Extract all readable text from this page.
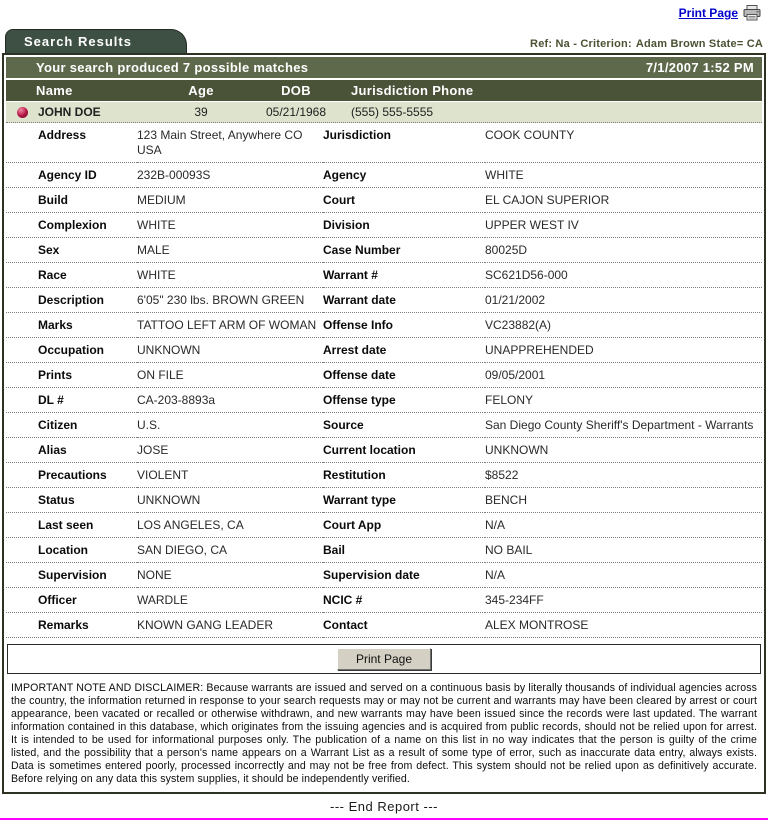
Print Page
Search Results	Ref: Na - Criterion: Adam Brown State= CA
Your search produced 7 possible matches	7/1/2007 1:52 PM
Name	Age	DOB	Jurisdiction Phone
JOHN DOE	39	05/21/1968	(555) 555-5555
Address	123 Main Street, Anywhere CO USA	Jurisdiction	COOK COUNTY
Agency ID	232B-00093S	Agency	WHITE
Build	MEDIUM	Court	EL CAJON SUPERIOR
Complexion	WHITE	Division	UPPER WEST IV
Sex	MALE	Case Number	80025D
Race	WHITE	Warrant #	SC621D56-000
Description	6'05" 230 lbs. BROWN GREEN	Warrant date	01/21/2002
Marks	TATTOO LEFT ARM OF WOMAN	Offense Info	VC23882(A)
Occupation	UNKNOWN	Arrest date	UNAPPREHENDED
Prints	ON FILE	Offense date	09/05/2001
DL #	CA-203-8893a	Offense type	FELONY
Citizen	U.S.	Source	San Diego County Sheriff's Department - Warrants
Alias	JOSE	Current location	UNKNOWN
Precautions	VIOLENT	Restitution	$8522
Status	UNKNOWN	Warrant type	BENCH
Last seen	LOS ANGELES, CA	Court App	N/A
Location	SAN DIEGO, CA	Bail	NO BAIL
Supervision	NONE	Supervision date	N/A
Officer	WARDLE	NCIC #	345-234FF
Remarks	KNOWN GANG LEADER	Contact	ALEX MONTROSE
Print Page
IMPORTANT NOTE AND DISCLAIMER: Because warrants are issued and served on a continuous basis by literally thousands of individual agencies across the country, the information returned in response to your search requests may or may not be current and warrants may have been cleared by arrest or court appearance, been vacated or recalled or otherwise withdrawn, and new warrants may have been issued since the records were last updated. The warrant information contained in this database, which originates from the issuing agencies and is acquired from public records, should not be relied upon for arrest. It is intended to be used for informational purposes only. The publication of a name on this list in no way indicates that the person is guilty of the crime listed, and the possibility that a person's name appears on a Warrant List as a result of some type of error, such as inaccurate data entry, always exists. Data is sometimes entered poorly, processed incorrectly and may not be free from defect. This system should not be relied upon as definitively accurate. Before relying on any data this system supplies, it should be independently verified.
--- End Report ---
